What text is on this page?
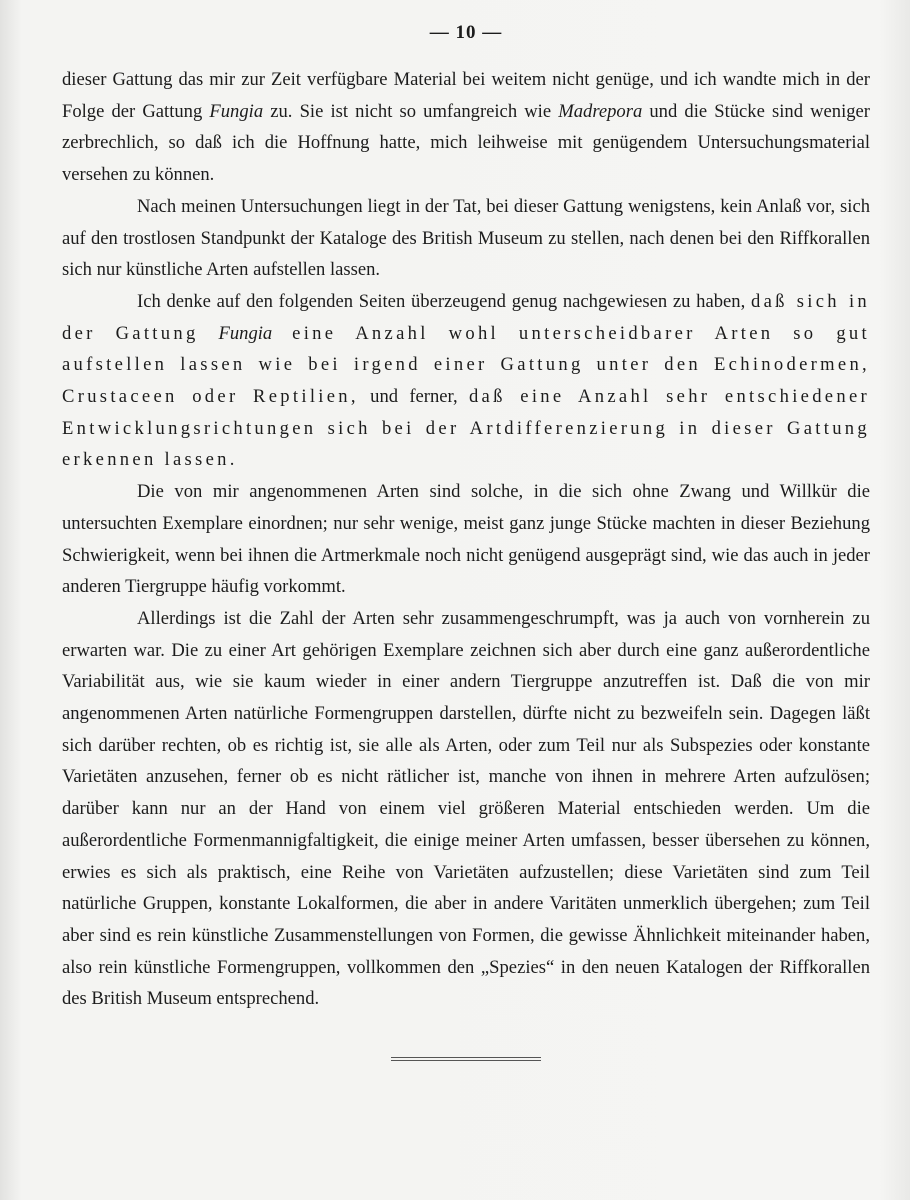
— 10 —

dieser Gattung das mir zur Zeit verfügbare Material bei weitem nicht genüge, und ich wandte mich in der Folge der Gattung Fungia zu. Sie ist nicht so umfangreich wie Madrepora und die Stücke sind weniger zerbrechlich, so daß ich die Hoffnung hatte, mich leihweise mit genügendem Untersuchungsmaterial versehen zu können.

Nach meinen Untersuchungen liegt in der Tat, bei dieser Gattung wenigstens, kein Anlaß vor, sich auf den trostlosen Standpunkt der Kataloge des British Museum zu stellen, nach denen bei den Riffkorallen sich nur künstliche Arten aufstellen lassen.

Ich denke auf den folgenden Seiten überzeugend genug nachgewiesen zu haben, daß sich in der Gattung Fungia eine Anzahl wohl unterscheidbarer Arten so gut aufstellen lassen wie bei irgend einer Gattung unter den Echinodermen, Crustaceen oder Reptilien, und ferner, daß eine Anzahl sehr entschiedener Entwicklungsrichtungen sich bei der Artdifferenzierung in dieser Gattung erkennen lassen.

Die von mir angenommenen Arten sind solche, in die sich ohne Zwang und Willkür die untersuchten Exemplare einordnen; nur sehr wenige, meist ganz junge Stücke machten in dieser Beziehung Schwierigkeit, wenn bei ihnen die Artmerkmale noch nicht genügend ausgeprägt sind, wie das auch in jeder anderen Tiergruppe häufig vorkommt.

Allerdings ist die Zahl der Arten sehr zusammengeschrumpft, was ja auch von vornherein zu erwarten war. Die zu einer Art gehörigen Exemplare zeichnen sich aber durch eine ganz außerordentliche Variabilität aus, wie sie kaum wieder in einer andern Tiergruppe anzutreffen ist. Daß die von mir angenommenen Arten natürliche Formengruppen darstellen, dürfte nicht zu bezweifeln sein. Dagegen läßt sich darüber rechten, ob es richtig ist, sie alle als Arten, oder zum Teil nur als Subspezies oder konstante Varietäten anzusehen, ferner ob es nicht rätlicher ist, manche von ihnen in mehrere Arten aufzulösen; darüber kann nur an der Hand von einem viel größeren Material entschieden werden. Um die außerordentliche Formenmannigfaltigkeit, die einige meiner Arten umfassen, besser übersehen zu können, erwies es sich als praktisch, eine Reihe von Varietäten aufzustellen; diese Varietäten sind zum Teil natürliche Gruppen, konstante Lokalformen, die aber in andere Varitäten unmerklich übergehen; zum Teil aber sind es rein künstliche Zusammenstellungen von Formen, die gewisse Ähnlichkeit miteinander haben, also rein künstliche Formengruppen, vollkommen den „Spezies“ in den neuen Katalogen der Riffkorallen des British Museum entsprechend.
